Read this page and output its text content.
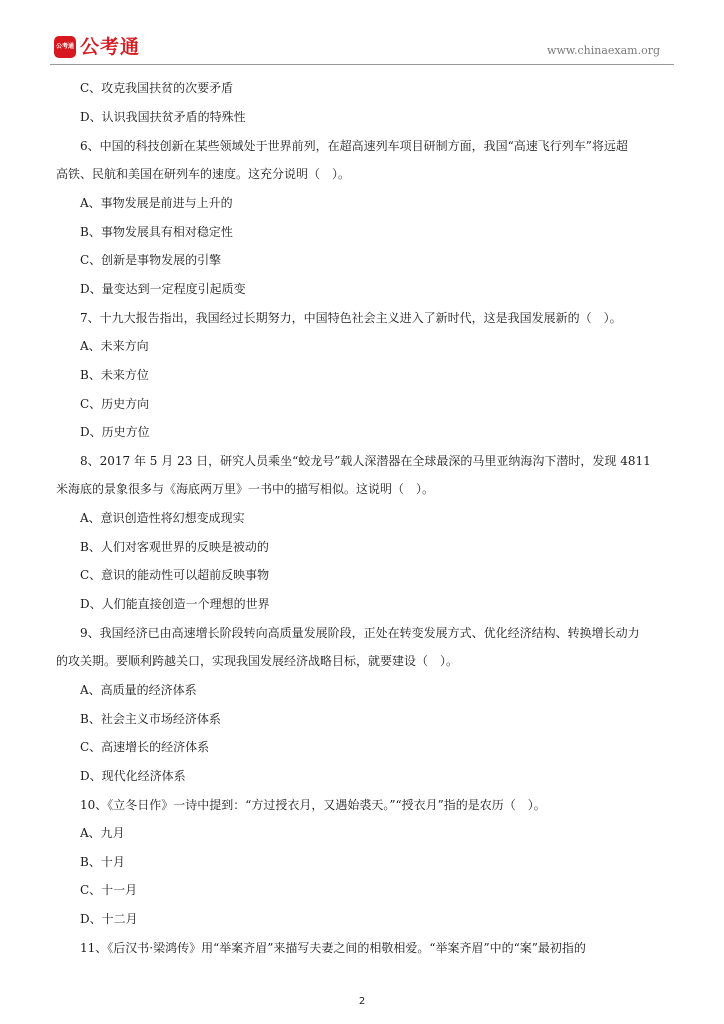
公考通 公考通	www.chinaexam.org
C、攻克我国扶贫的次要矛盾
D、认识我国扶贫矛盾的特殊性
6、中国的科技创新在某些领域处于世界前列，在超高速列车项目研制方面，我国“高速飞行列车”将远超
高铁、民航和美国在研列车的速度。这充分说明（　）。
A、事物发展是前进与上升的
B、事物发展具有相对稳定性
C、创新是事物发展的引擎
D、量变达到一定程度引起质变
7、十九大报告指出，我国经过长期努力，中国特色社会主义进入了新时代，这是我国发展新的（　）。
A、未来方向
B、未来方位
C、历史方向
D、历史方位
8、2017 年 5 月 23 日，研究人员乘坐“蛟龙号”载人深潜器在全球最深的马里亚纳海沟下潜时，发现 4811
米海底的景象很多与《海底两万里》一书中的描写相似。这说明（　）。
A、意识创造性将幻想变成现实
B、人们对客观世界的反映是被动的
C、意识的能动性可以超前反映事物
D、人们能直接创造一个理想的世界
9、我国经济已由高速增长阶段转向高质量发展阶段，正处在转变发展方式、优化经济结构、转换增长动力
的攻关期。要顺利跨越关口，实现我国发展经济战略目标，就要建设（　）。
A、高质量的经济体系
B、社会主义市场经济体系
C、高速增长的经济体系
D、现代化经济体系
10、《立冬日作》一诗中提到：“方过授衣月，又遇始裘天。”“授衣月”指的是农历（　）。
A、九月
B、十月
C、十一月
D、十二月
11、《后汉书·梁鸿传》用“举案齐眉”来描写夫妻之间的相敬相爱。“举案齐眉”中的“案”最初指的
2
